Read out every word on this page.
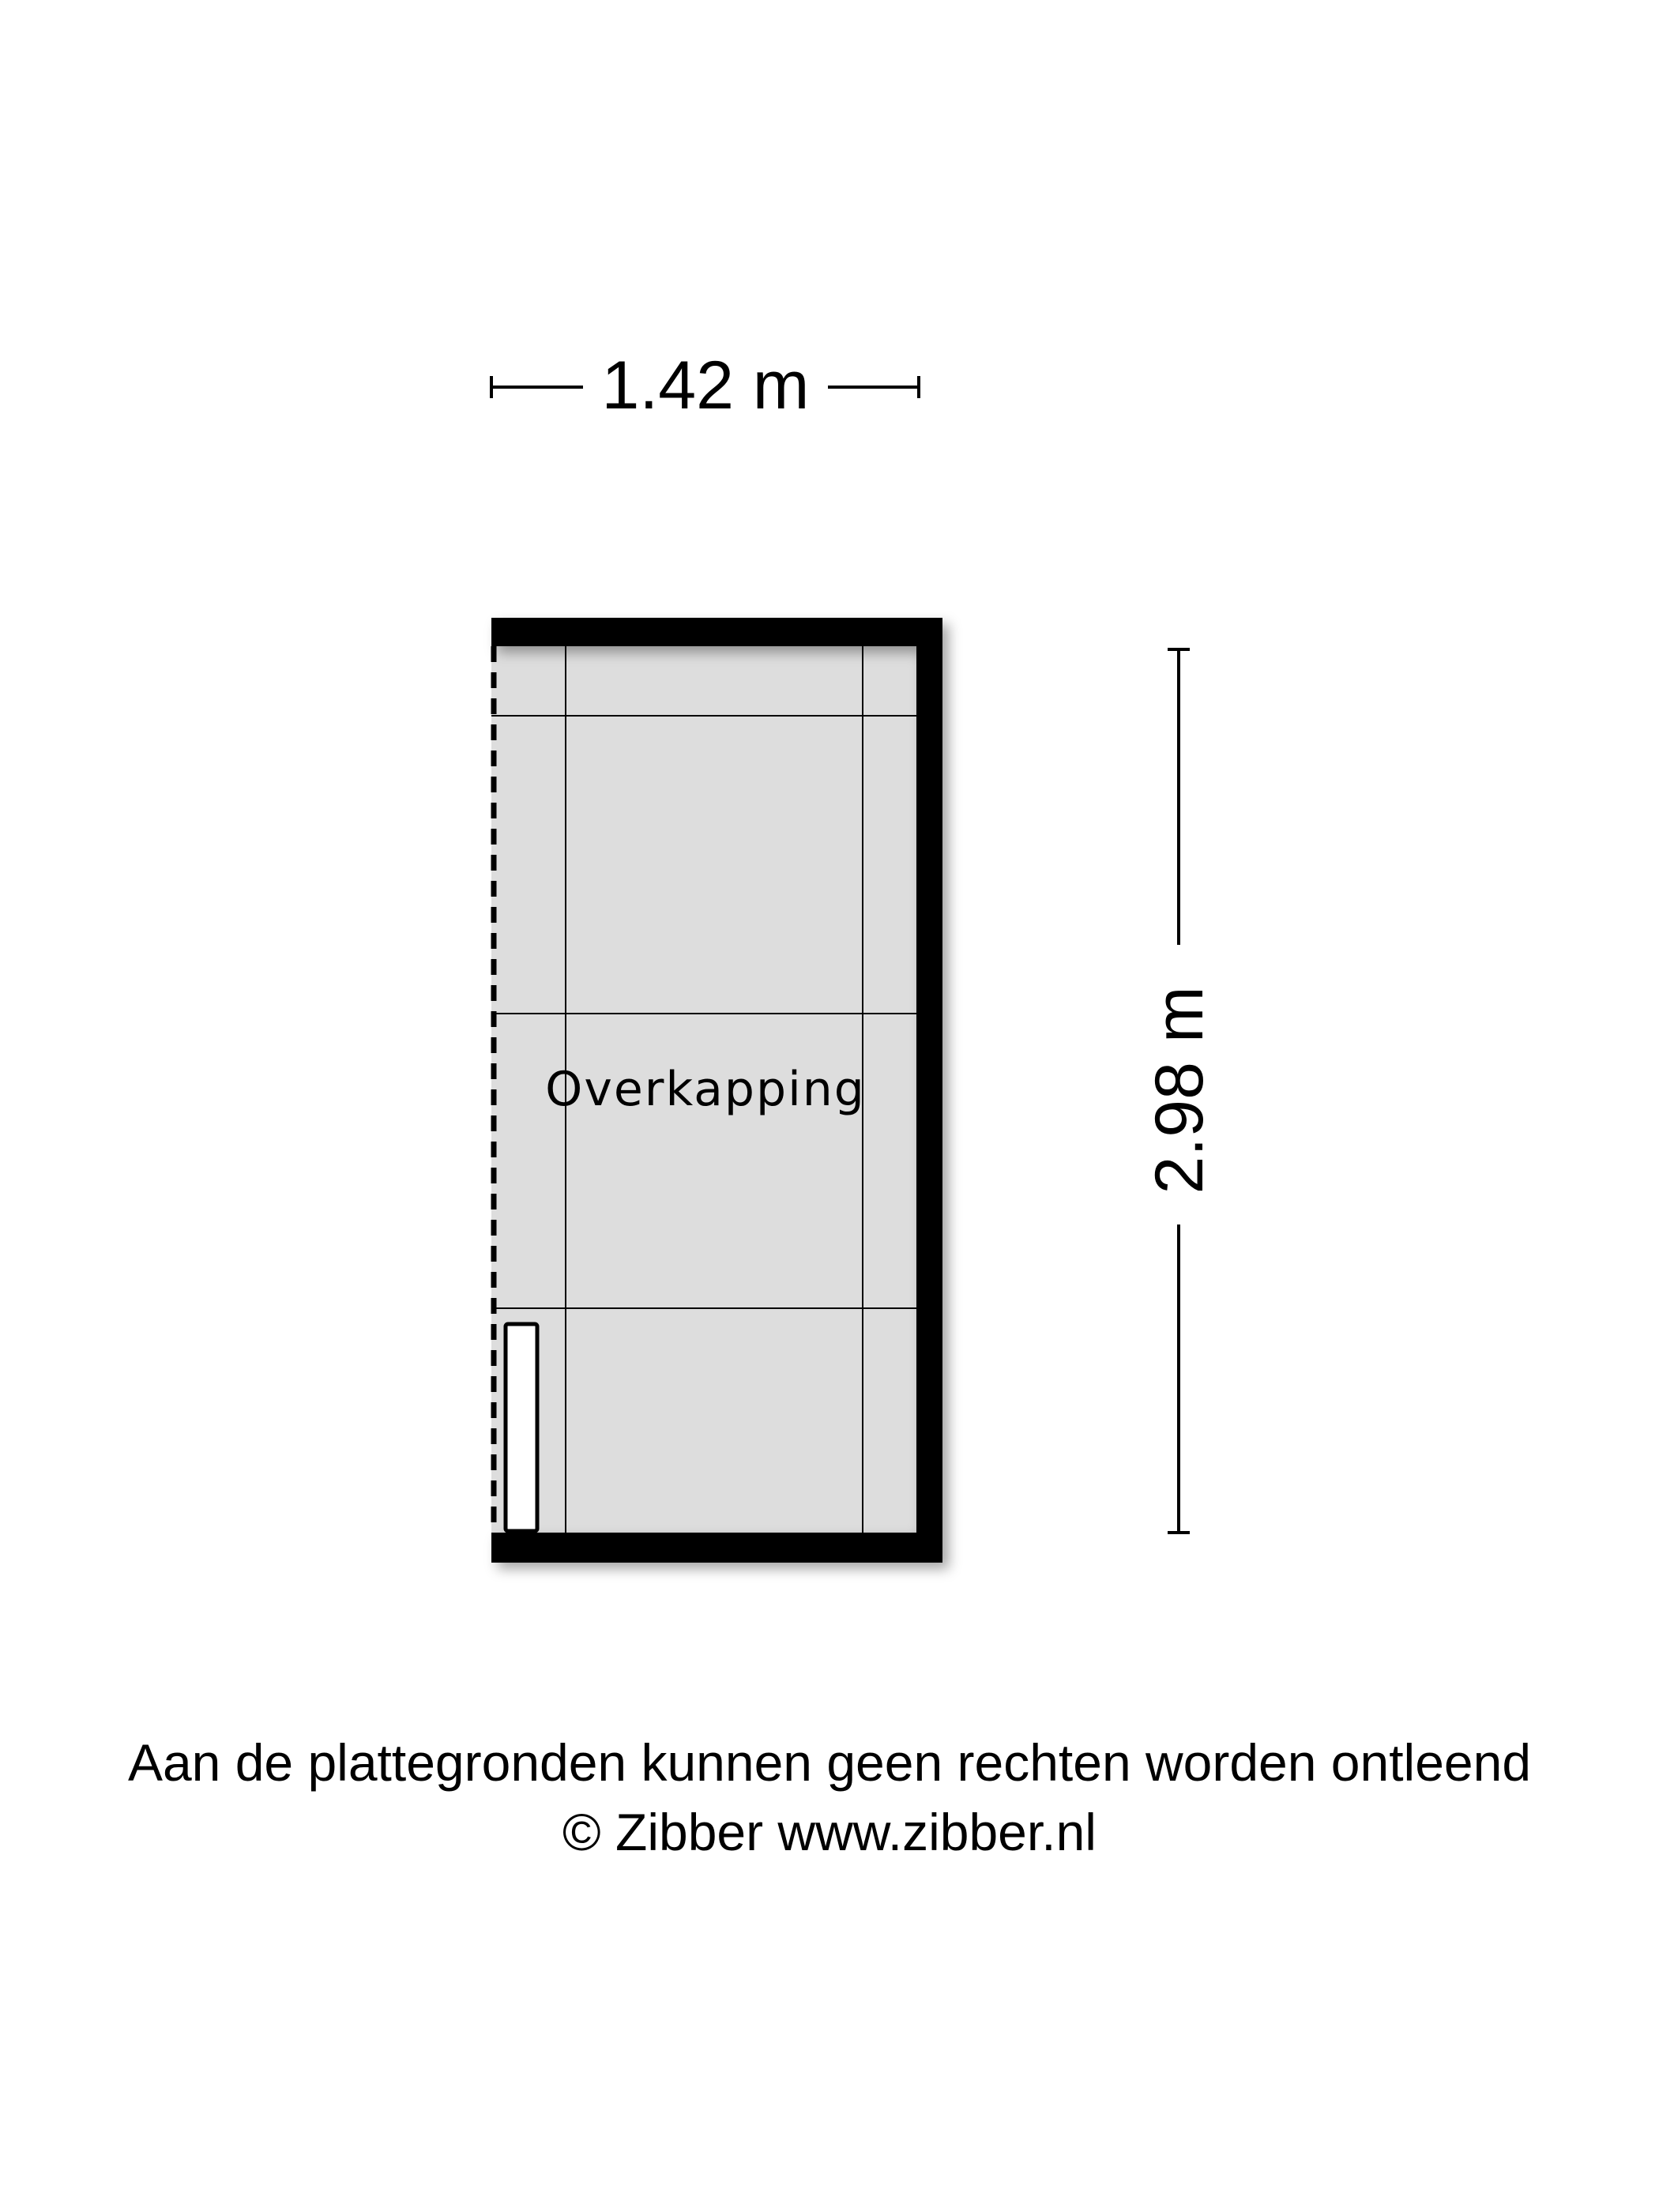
1.42 m
2.98 m
Overkapping
Aan de plattegronden kunnen geen rechten worden ontleend
© Zibber www.zibber.nl
